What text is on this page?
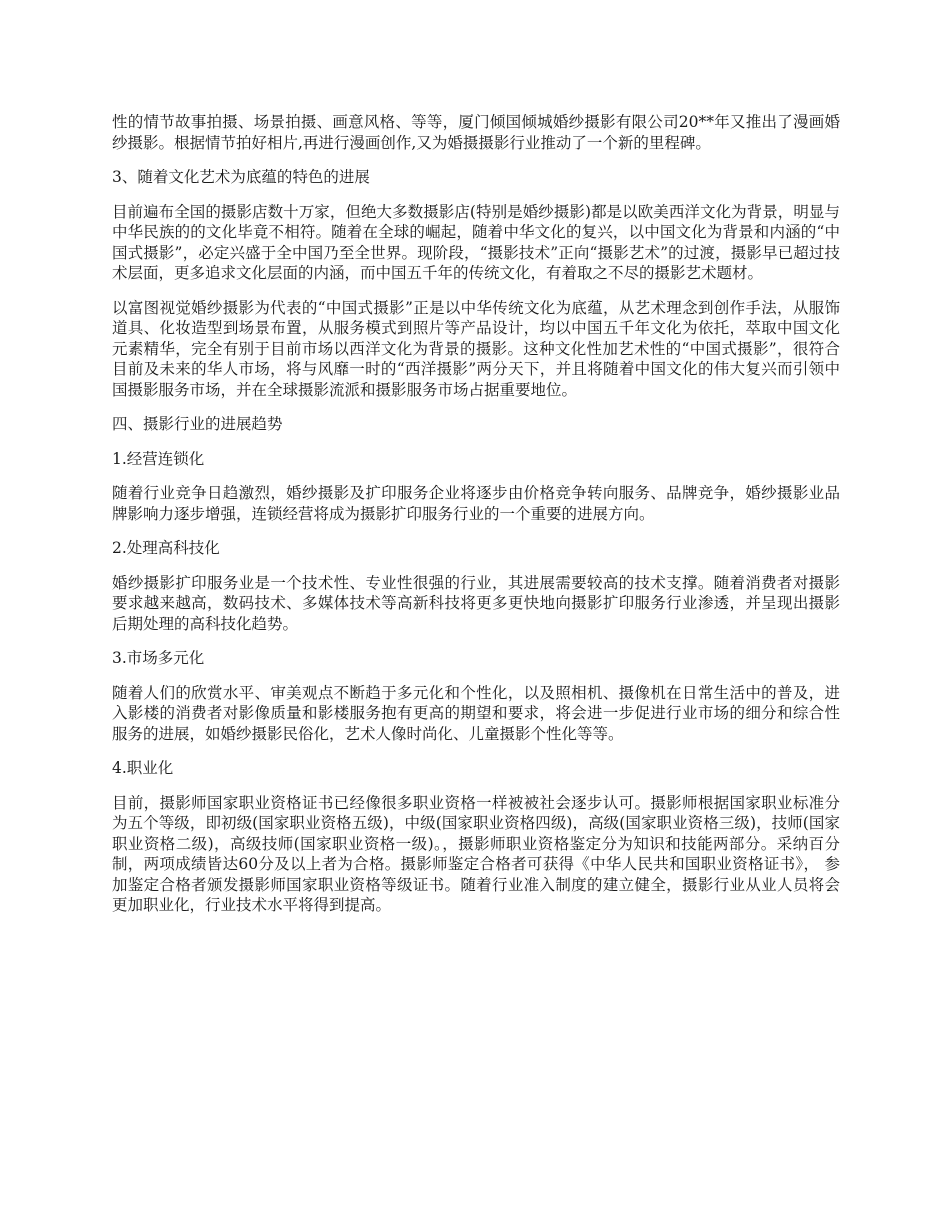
性的情节故事拍摄、场景拍摄、画意风格、等等，厦门倾国倾城婚纱摄影有限公司20**年又推出了漫画婚纱摄影。根据情节拍好相片,再进行漫画创作,又为婚摄摄影行业推动了一个新的里程碑。

3、随着文化艺术为底蕴的特色的进展

目前遍布全国的摄影店数十万家，但绝大多数摄影店(特别是婚纱摄影)都是以欧美西洋文化为背景，明显与中华民族的的文化毕竟不相符。随着在全球的崛起，随着中华文化的复兴，以中国文化为背景和内涵的“中国式摄影”，必定兴盛于全中国乃至全世界。现阶段，“摄影技术”正向“摄影艺术”的过渡，摄影早已超过技术层面，更多追求文化层面的内涵，而中国五千年的传统文化，有着取之不尽的摄影艺术题材。

以富图视觉婚纱摄影为代表的“中国式摄影”正是以中华传统文化为底蕴，从艺术理念到创作手法，从服饰道具、化妆造型到场景布置，从服务模式到照片等产品设计，均以中国五千年文化为依托，萃取中国文化元素精华，完全有别于目前市场以西洋文化为背景的摄影。这种文化性加艺术性的“中国式摄影”，很符合目前及未来的华人市场，将与风靡一时的“西洋摄影”两分天下，并且将随着中国文化的伟大复兴而引领中国摄影服务市场，并在全球摄影流派和摄影服务市场占据重要地位。

四、摄影行业的进展趋势

1.经营连锁化

随着行业竞争日趋激烈，婚纱摄影及扩印服务企业将逐步由价格竞争转向服务、品牌竞争，婚纱摄影业品牌影响力逐步增强，连锁经营将成为摄影扩印服务行业的一个重要的进展方向。

2.处理高科技化

婚纱摄影扩印服务业是一个技术性、专业性很强的行业，其进展需要较高的技术支撑。随着消费者对摄影要求越来越高，数码技术、多媒体技术等高新科技将更多更快地向摄影扩印服务行业渗透，并呈现出摄影后期处理的高科技化趋势。

3.市场多元化

随着人们的欣赏水平、审美观点不断趋于多元化和个性化，以及照相机、摄像机在日常生活中的普及，进入影楼的消费者对影像质量和影楼服务抱有更高的期望和要求，将会进一步促进行业市场的细分和综合性服务的进展，如婚纱摄影民俗化，艺术人像时尚化、儿童摄影个性化等等。

4.职业化

目前，摄影师国家职业资格证书已经像很多职业资格一样被被社会逐步认可。摄影师根据国家职业标准分为五个等级，即初级(国家职业资格五级)，中级(国家职业资格四级)，高级(国家职业资格三级)，技师(国家职业资格二级)，高级技师(国家职业资格一级)。，摄影师职业资格鉴定分为知识和技能两部分。采纳百分制，两项成绩皆达60分及以上者为合格。摄影师鉴定合格者可获得《中华人民共和国职业资格证书》， 参加鉴定合格者颁发摄影师国家职业资格等级证书。随着行业准入制度的建立健全，摄影行业从业人员将会更加职业化，行业技术水平将得到提高。
